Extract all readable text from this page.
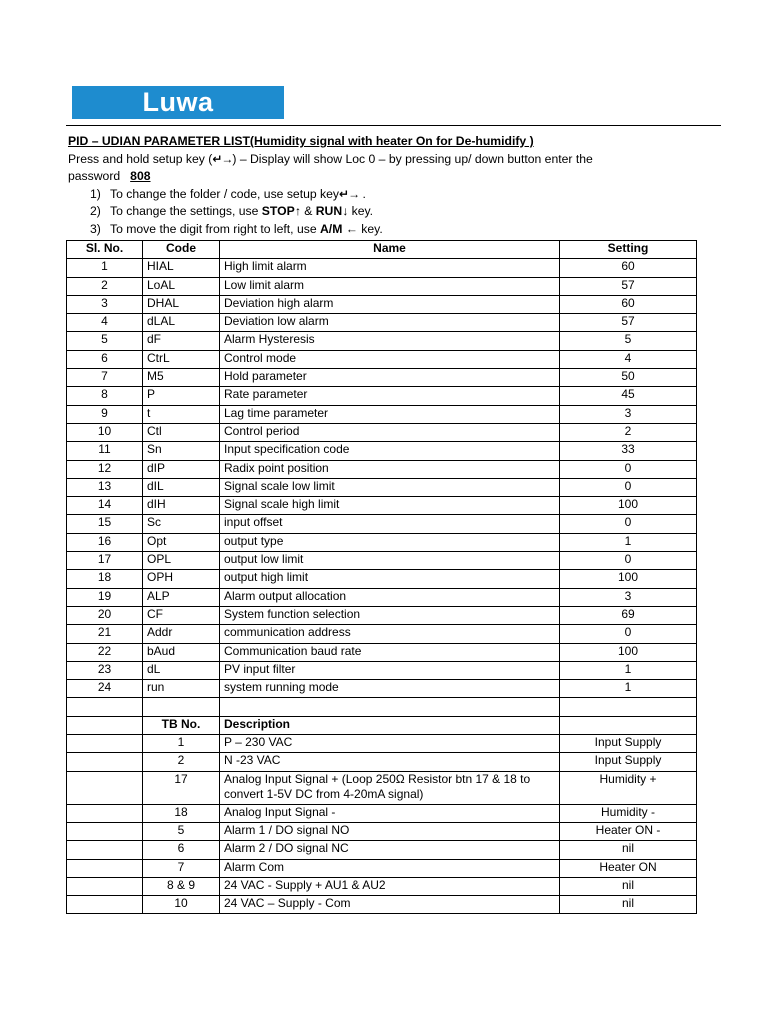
Luwa
PID – UDIAN PARAMETER LIST(Humidity signal with heater On for De-humidify )
Press and hold setup key (↵→) – Display will show Loc 0 – by pressing up/ down button enter the
password 808
1) To change the folder / code, use setup key↵→ .
2) To change the settings, use STOP↑ & RUN↓ key.
3) To move the digit from right to left, use A/M ← key.
Sl. No.	Code	Name	Setting
1	HIAL	High limit alarm	60
2	LoAL	Low limit alarm	57
3	DHAL	Deviation high alarm	60
4	dLAL	Deviation low alarm	57
5	dF	Alarm Hysteresis	5
6	CtrL	Control mode	4
7	M5	Hold parameter	50
8	P	Rate parameter	45
9	t	Lag time parameter	3
10	Ctl	Control period	2
11	Sn	Input specification code	33
12	dIP	Radix point position	0
13	dIL	Signal scale low limit	0
14	dIH	Signal scale high limit	100
15	Sc	input offset	0
16	Opt	output type	1
17	OPL	output low limit	0
18	OPH	output high limit	100
19	ALP	Alarm output allocation	3
20	CF	System function selection	69
21	Addr	communication address	0
22	bAud	Communication baud rate	100
23	dL	PV input filter	1
24	run	system running mode	1

	TB No.	Description	
	1	P – 230 VAC	Input Supply
	2	N -23 VAC	Input Supply
	17	Analog Input Signal + (Loop 250Ω Resistor btn 17 & 18 to convert 1-5V DC from 4-20mA signal)	Humidity +
	18	Analog Input Signal -	Humidity -
	5	Alarm 1 / DO signal NO	Heater ON -
	6	Alarm 2 / DO signal NC	nil
	7	Alarm Com	Heater ON
	8 & 9	24 VAC - Supply + AU1 & AU2	nil
	10	24 VAC – Supply - Com	nil
